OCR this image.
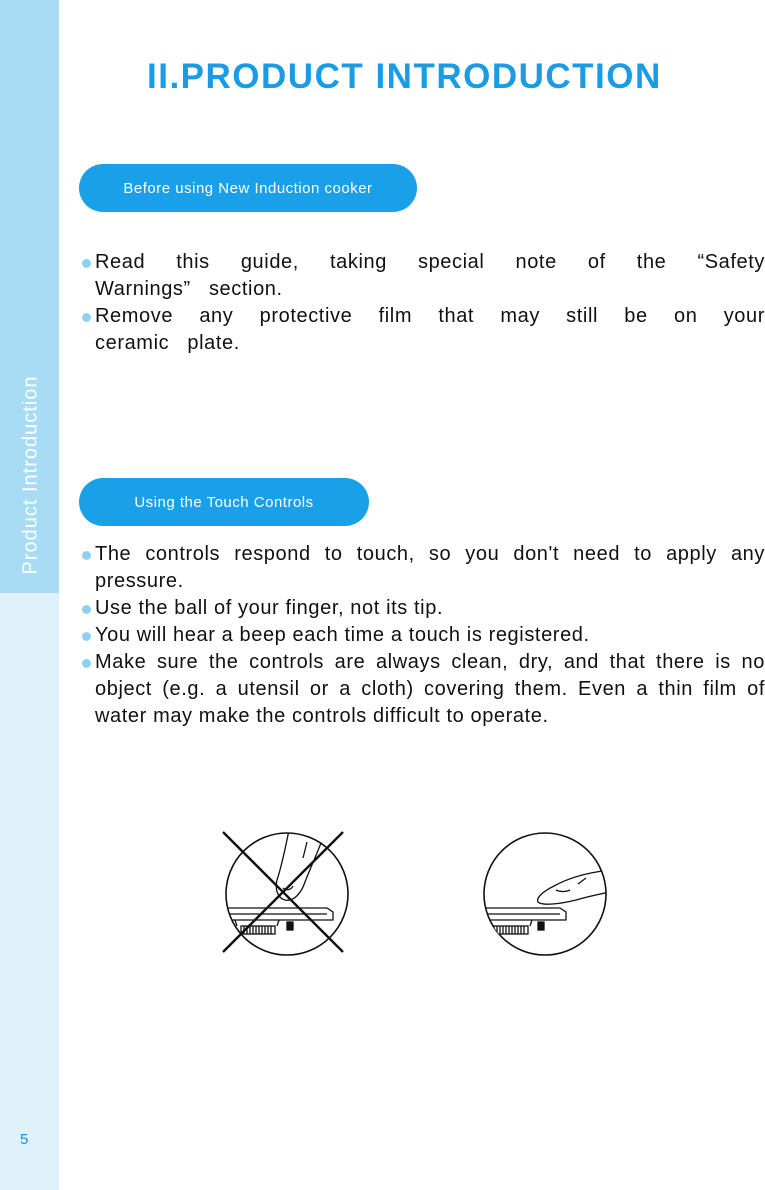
Product Introduction
5
II.PRODUCT INTRODUCTION
Before using New Induction cooker
Read this guide, taking special note of the “Safety Warnings” section.
Remove any protective film that may still be on your ceramic plate.
Using the Touch Controls
The controls respond to touch, so you don't need to apply any pressure.
Use the ball of your finger, not its tip.
You will hear a beep each time a touch is registered.
Make sure the controls are always clean, dry, and that there is no object (e.g. a utensil or a cloth) covering them. Even a thin film of water may make the controls difficult to operate.
